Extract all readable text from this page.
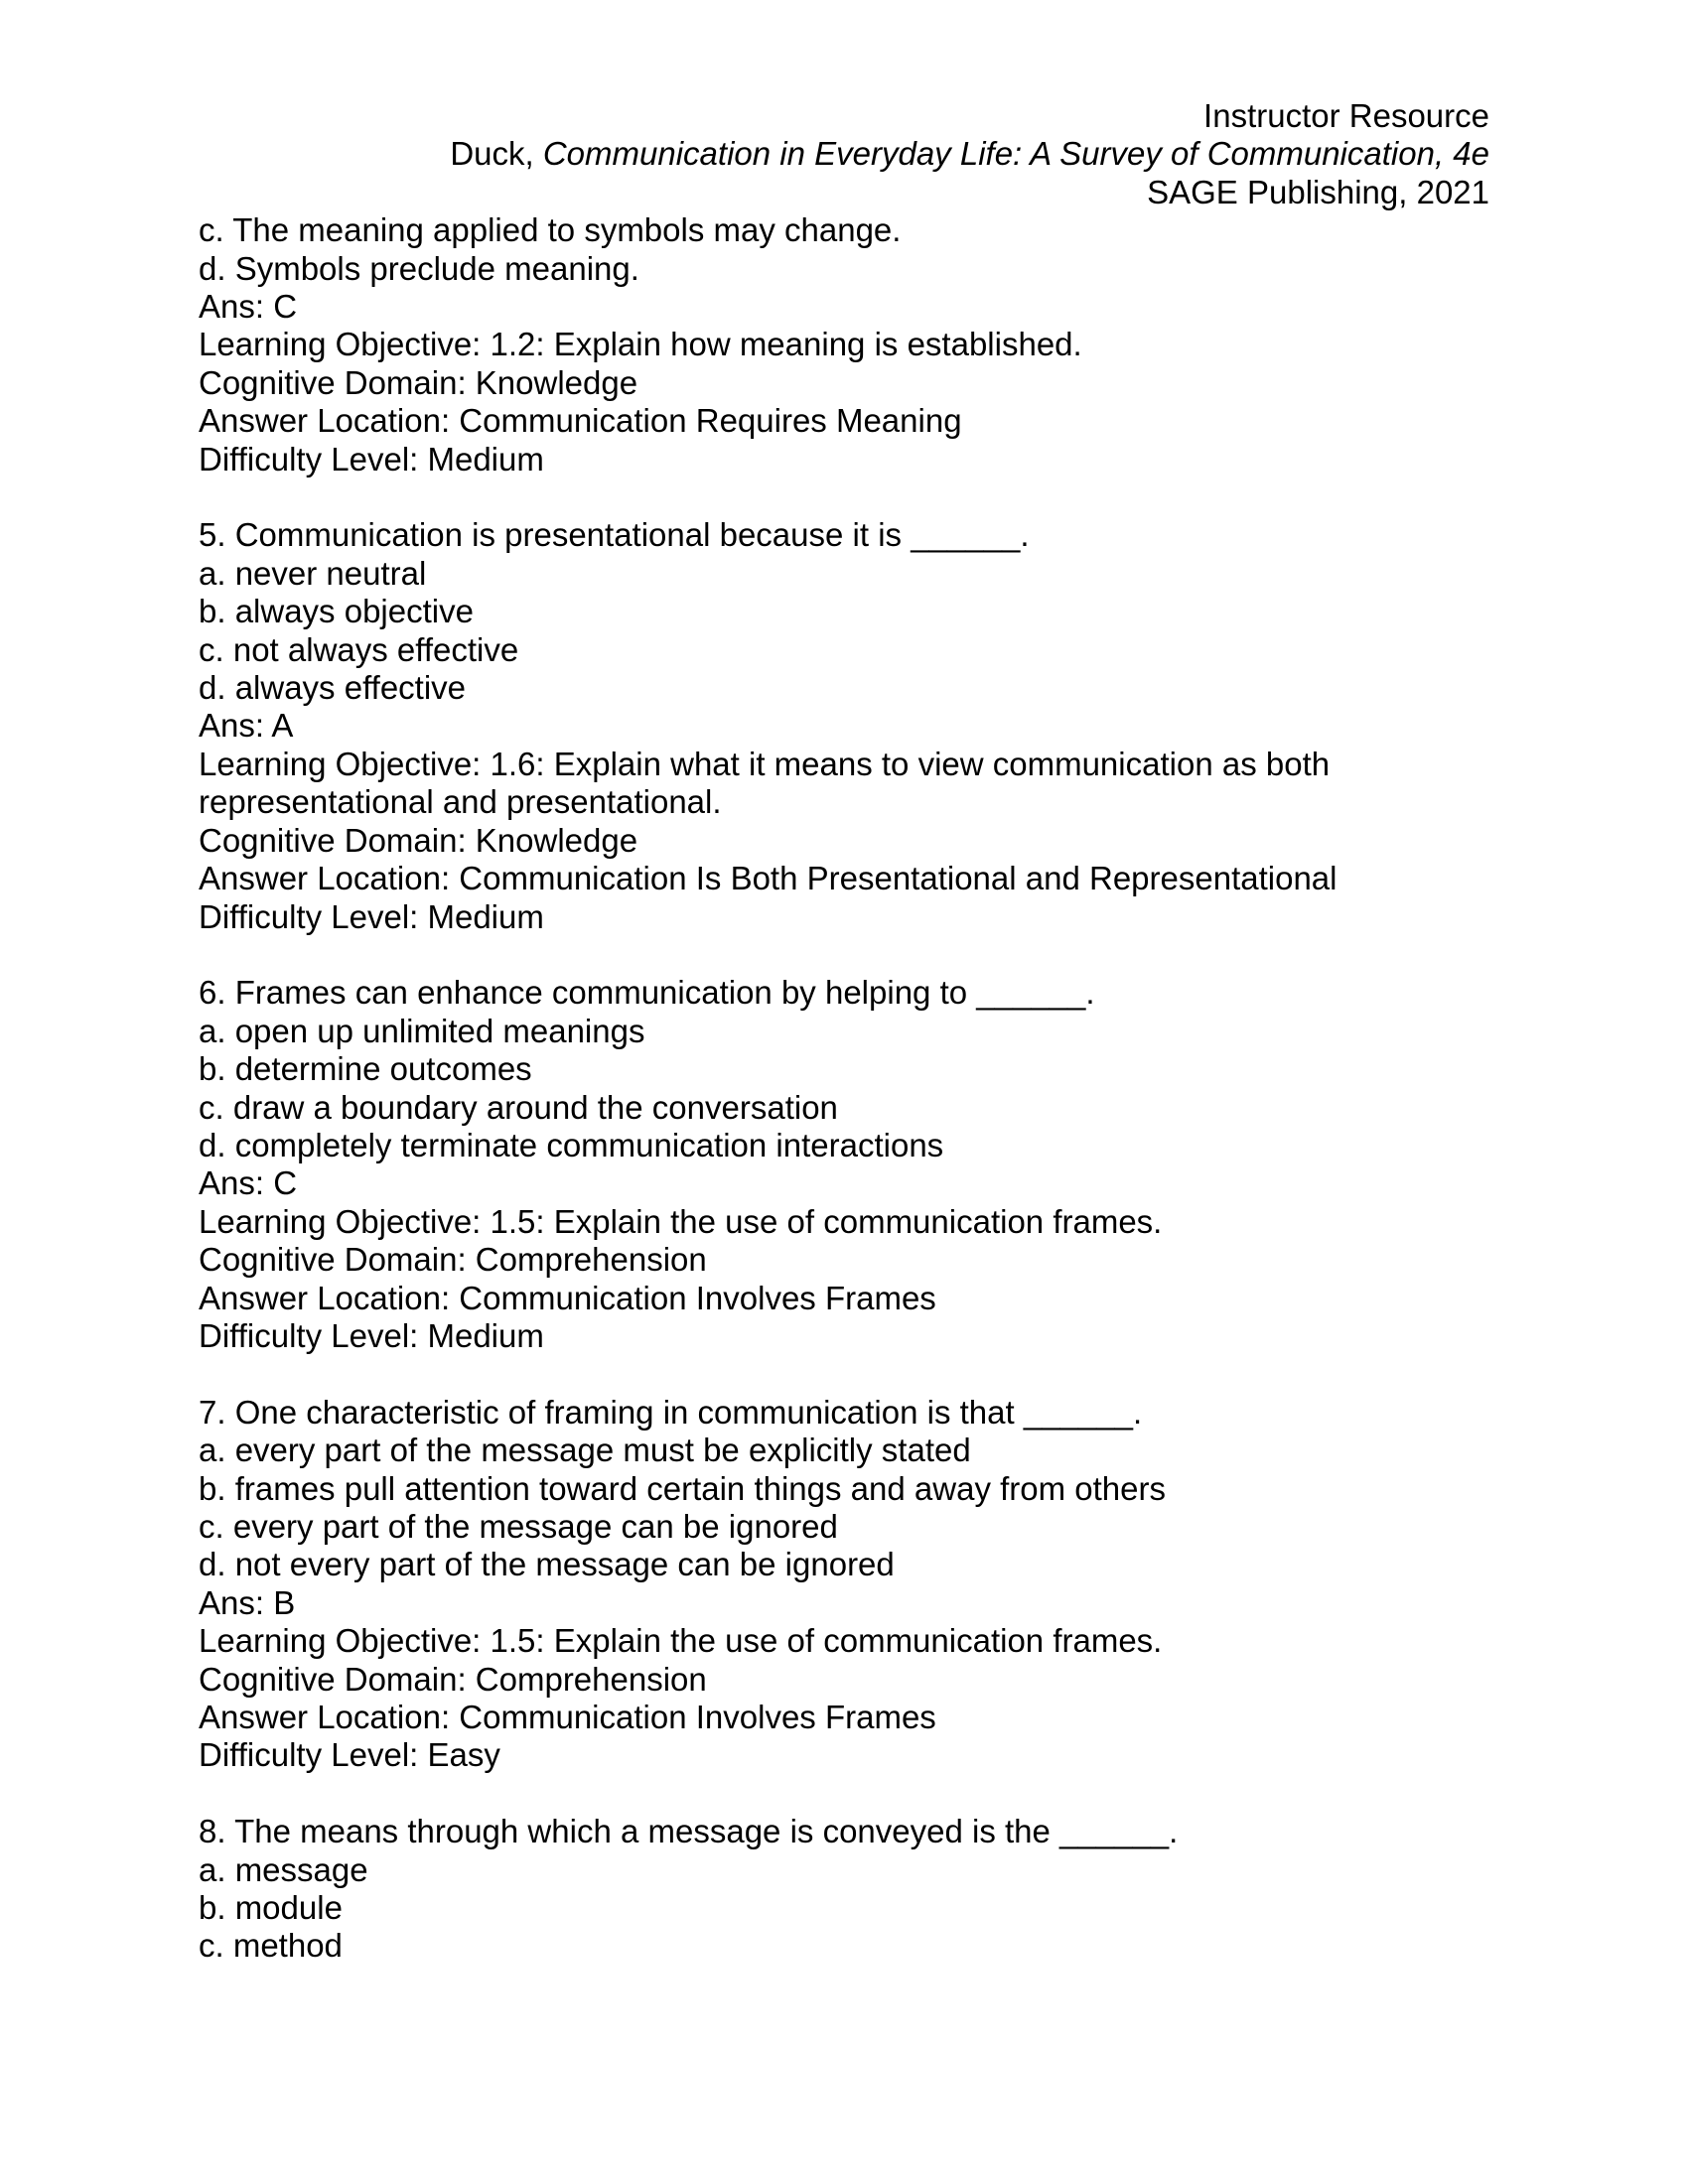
Instructor Resource

Duck, Communication in Everyday Life: A Survey of Communication, 4e

SAGE Publishing, 2021

c. The meaning applied to symbols may change.

d. Symbols preclude meaning.

Ans: C

Learning Objective: 1.2: Explain how meaning is established.

Cognitive Domain: Knowledge

Answer Location: Communication Requires Meaning

Difficulty Level: Medium

5. Communication is presentational because it is ______.

a. never neutral

b. always objective

c. not always effective

d. always effective

Ans: A

Learning Objective: 1.6: Explain what it means to view communication as both representational and presentational.

Cognitive Domain: Knowledge

Answer Location: Communication Is Both Presentational and Representational

Difficulty Level: Medium

6. Frames can enhance communication by helping to ______.

a. open up unlimited meanings

b. determine outcomes

c. draw a boundary around the conversation

d. completely terminate communication interactions

Ans: C

Learning Objective: 1.5: Explain the use of communication frames.

Cognitive Domain: Comprehension

Answer Location: Communication Involves Frames

Difficulty Level: Medium

7. One characteristic of framing in communication is that ______.

a. every part of the message must be explicitly stated

b. frames pull attention toward certain things and away from others

c. every part of the message can be ignored

d. not every part of the message can be ignored

Ans: B

Learning Objective: 1.5: Explain the use of communication frames.

Cognitive Domain: Comprehension

Answer Location: Communication Involves Frames

Difficulty Level: Easy

8. The means through which a message is conveyed is the ______.

a. message

b. module

c. method
